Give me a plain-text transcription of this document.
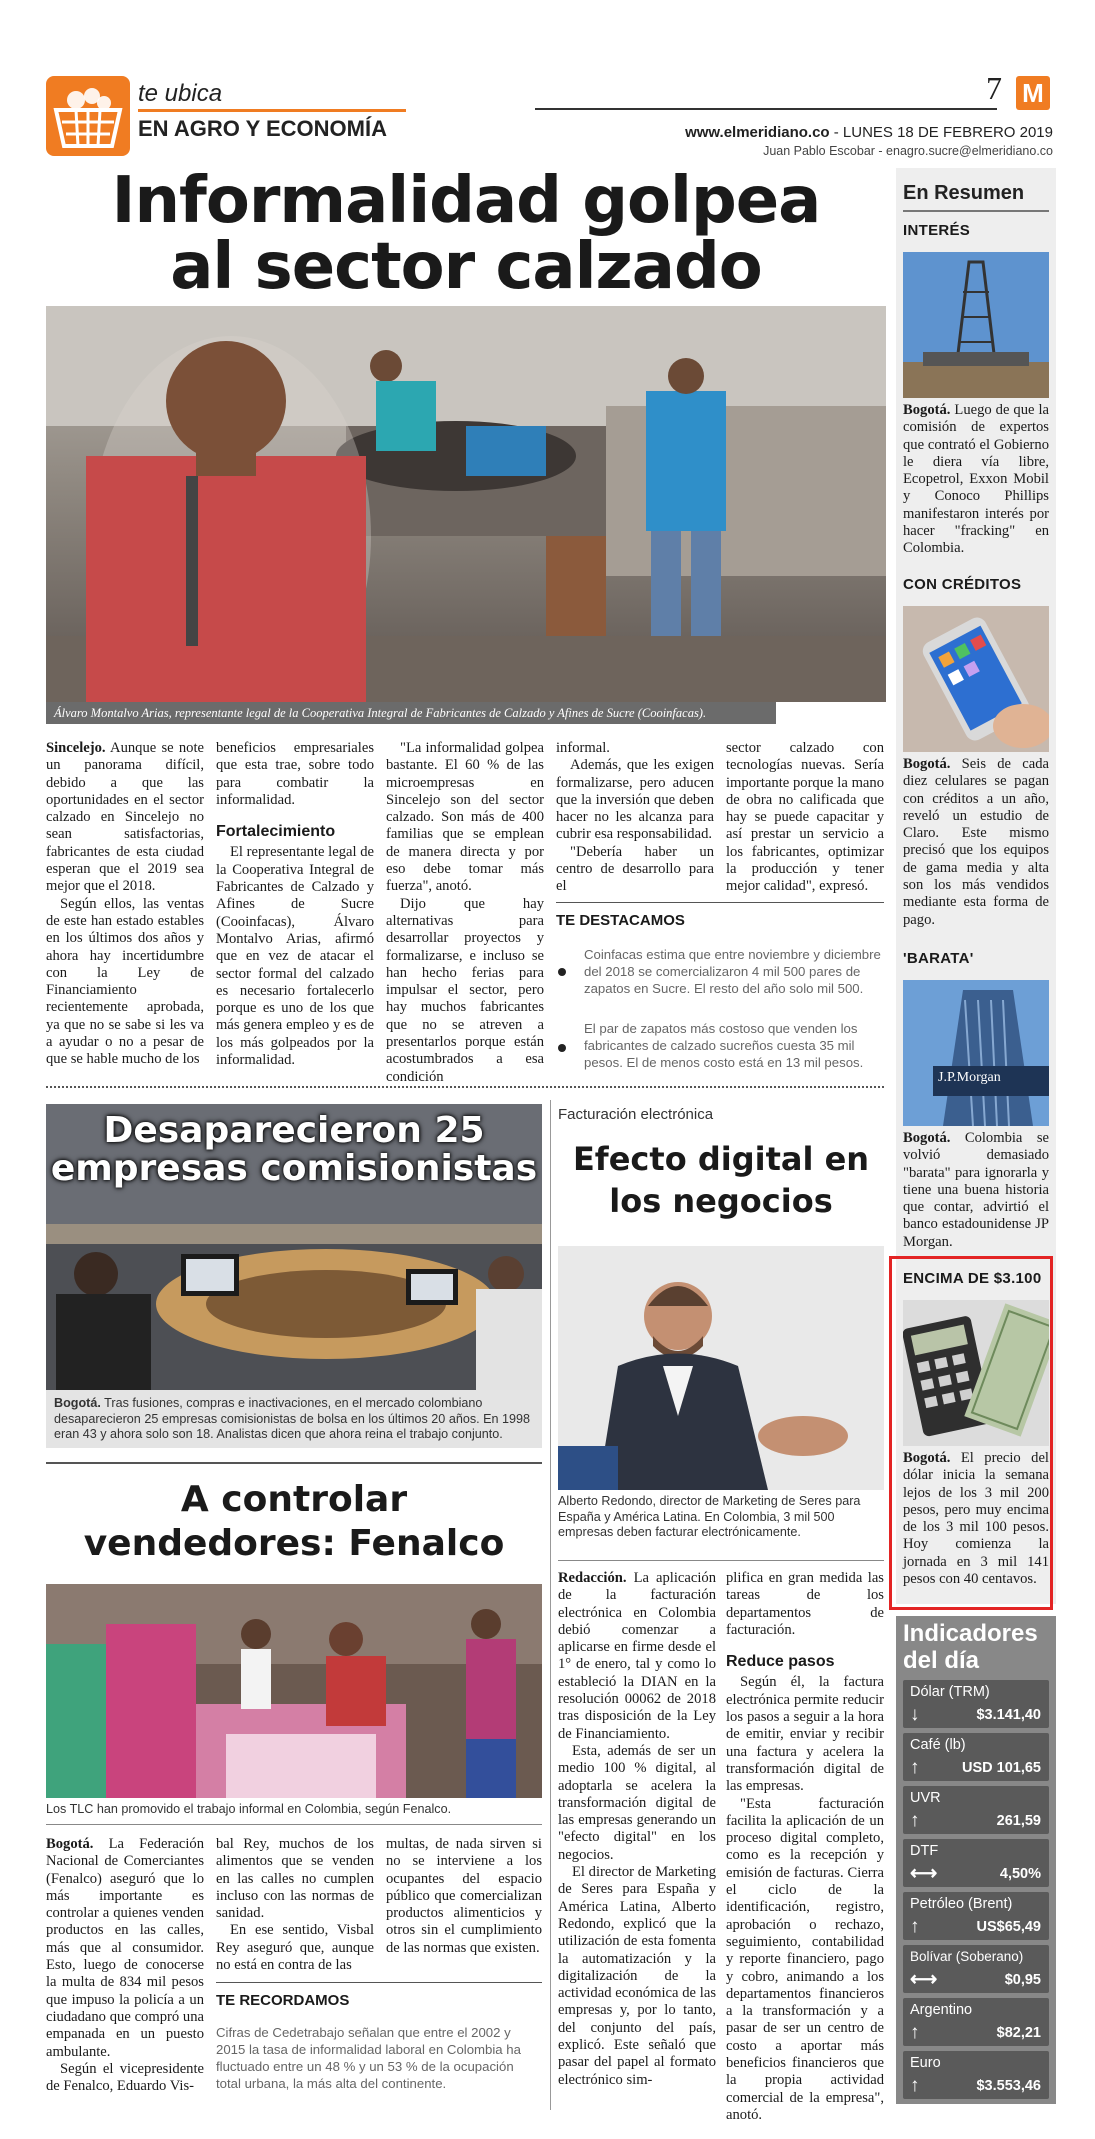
te ubica
EN AGRO Y ECONOMÍA
7 M
www.elmeridiano.co - LUNES 18 DE FEBRERO 2019
Juan Pablo Escobar - enagro.sucre@elmeridiano.co
Informalidad golpea
al sector calzado
Álvaro Montalvo Arias, representante legal de la Cooperativa Integral de Fabricantes de Calzado y Afines de Sucre (Cooinfacas).

Sincelejo. Aunque se note un panorama difícil, debido a que las oportunidades en el sector calzado en Sincelejo no sean satisfactorias, fabricantes de esta ciudad esperan que el 2019 sea mejor que el 2018.

Según ellos, las ventas de este han estado estables en los últimos dos años y ahora hay incertidumbre con la Ley de Financiamiento recientemente aprobada, ya que no se sabe si les va a ayudar o no a pesar de que se hable mucho de los

beneficios empresariales que esta trae, sobre todo para combatir la informalidad.

Fortalecimiento

El representante legal de la Cooperativa Integral de Fabricantes de Calzado y Afines de Sucre (Cooinfacas), Álvaro Montalvo Arias, afirmó que en vez de atacar el sector formal del calzado es necesario fortalecerlo porque es uno de los que más genera empleo y es de los más golpeados por la informalidad.

"La informalidad golpea bastante. El 60 % de las microempresas en Sincelejo son del sector calzado. Son más de 400 familias que se emplean de manera directa y por eso debe tomar más fuerza", anotó.

Dijo que hay alternativas para desarrollar proyectos y formalizarse, e incluso se han hecho ferias para impulsar el sector, pero hay muchos fabricantes que no se atreven a presentarlos porque están acostumbrados a esa condición

informal.

Además, que les exigen formalizarse, pero aducen que la inversión que deben hacer no les alcanza para cubrir esa responsabilidad.

"Debería haber un centro de desarrollo para el

sector calzado con tecnologías nuevas. Sería importante porque la mano de obra no calificada que hay se puede capacitar y así prestar un servicio a los fabricantes, optimizar la producción y tener mejor calidad", expresó.

TE DESTACAMOS
Coinfacas estima que entre noviembre y diciembre del 2018 se comercializaron 4 mil 500 pares de zapatos en Sucre. El resto del año solo mil 500.
El par de zapatos más costoso que venden los fabricantes de calzado sucreños cuesta 35 mil pesos. El de menos costo está en 13 mil pesos.
Desaparecieron 25
empresas comisionistas
Bogotá. Tras fusiones, compras e inactivaciones, en el mercado colombiano desaparecieron 25 empresas comisionistas de bolsa en los últimos 20 años. En 1998 eran 43 y ahora solo son 18. Analistas dicen que ahora reina el trabajo conjunto.
A controlar
vendedores: Fenalco
Los TLC han promovido el trabajo informal en Colombia, según Fenalco.

Bogotá. La Federación Nacional de Comerciantes (Fenalco) aseguró que lo más importante es controlar a quienes venden productos en las calles, más que al consumidor. Esto, luego de conocerse la multa de 834 mil pesos que impuso la policía a un ciudadano que compró una empanada en un puesto ambulante.

Según el vicepresidente de Fenalco, Eduardo Vis-

bal Rey, muchos de los alimentos que se venden en las calles no cumplen incluso con las normas de sanidad.

En ese sentido, Visbal Rey aseguró que, aunque no está en contra de las

multas, de nada sirven si no se interviene a los ocupantes del espacio público que comercializan productos alimenticios y otros sin el cumplimiento de las normas que existen.

TE RECORDAMOS
Cifras de Cedetrabajo señalan que entre el 2002 y 2015 la tasa de informalidad laboral en Colombia ha fluctuado entre un 48 % y un 53 % de la ocupación total urbana, la más alta del continente.
Facturación electrónica
Efecto digital en
los negocios
Alberto Redondo, director de Marketing de Seres para España y América Latina. En Colombia, 3 mil 500 empresas deben facturar electrónicamente.

Redacción. La aplicación de la facturación electrónica en Colombia debió comenzar a aplicarse en firme desde el 1° de enero, tal y como lo estableció la DIAN en la resolución 00062 de 2018 tras disposición de la Ley de Financiamiento.

Esta, además de ser un medio 100 % digital, al adoptarla se acelera la transformación digital de las empresas generando un "efecto digital" en los negocios.

El director de Marketing de Seres para España y América Latina, Alberto Redondo, explicó que la utilización de esta fomenta la automatización y la digitalización de la actividad económica de las empresas y, por lo tanto, del conjunto del país, explicó. Este señaló que pasar del papel al formato electrónico sim-

plifica en gran medida las tareas de los departamentos de facturación.

Reduce pasos

Según él, la factura electrónica permite reducir los pasos a seguir a la hora de emitir, enviar y recibir una factura y acelera la transformación digital de las empresas.

"Esta facturación facilita la aplicación de un proceso digital completo, como es la recepción y emisión de facturas. Cierra el ciclo de la identificación, registro, aprobación o rechazo, seguimiento, contabilidad y reporte financiero, pago y cobro, animando a los departamentos financieros a la transformación y a pasar de ser un centro de costo a aportar más beneficios financieros que la propia actividad comercial de la empresa", anotó.

En Resumen
INTERÉS
Bogotá. Luego de que la comisión de expertos que contrató el Gobierno le diera vía libre, Ecopetrol, Exxon Mobil y Conoco Phillips manifestaron interés por hacer "fracking" en Colombia.
CON CRÉDITOS
Bogotá. Seis de cada diez celulares se pagan con créditos a un año, reveló un estudio de Claro. Este mismo precisó que los equipos de gama media y alta son los más vendidos mediante esta forma de pago.
'BARATA'
J.P.Morgan
Bogotá. Colombia se volvió demasiado "barata" para ignorarla y tiene una buena historia que contar, advirtió el banco estadounidense JP Morgan.
ENCIMA DE $3.100
Bogotá. El precio del dólar inicia la semana lejos de los 3 mil 200 pesos, pero muy encima de los 3 mil 100 pesos. Hoy comienza la jornada en 3 mil 141 pesos con 40 centavos.
Indicadores
del día
Dólar (TRM)
↓	$3.141,40
Café (lb)
↑	USD 101,65
UVR
↑	261,59
DTF
⟷	4,50%
Petróleo (Brent)
↑	US$65,49
Bolívar (Soberano)
⟷	$0,95
Argentino
↑	$82,21
Euro
↑	$3.553,46
